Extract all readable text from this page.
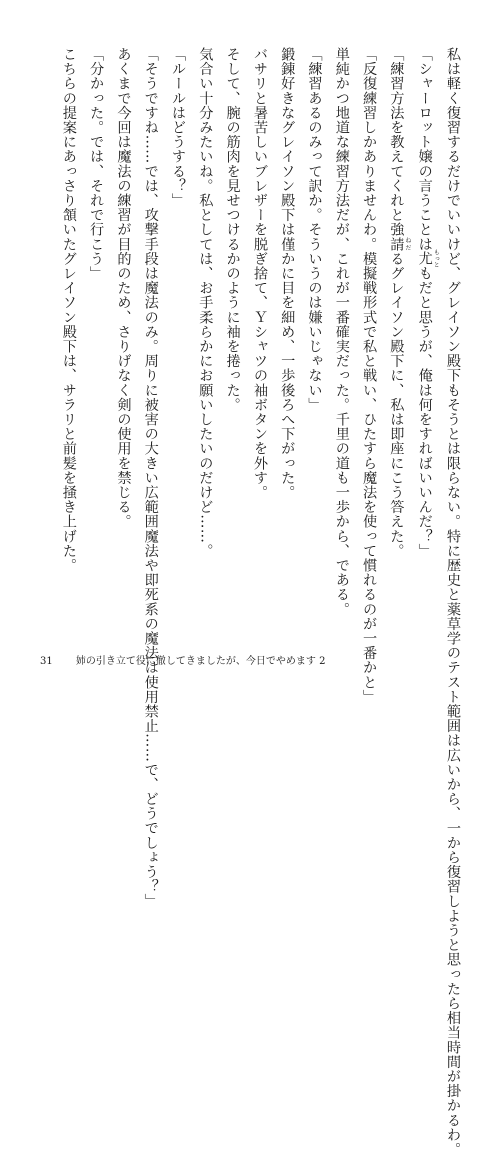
私は軽く復習するだけでいいけど、グレイソン殿下もそうとは限らない。特に歴史と薬草学のテスト範囲は広いから、一から復習しようと思ったら相当時間が掛かるわ。
「シャーロット嬢の言うことは尤 もっともだと思うが、俺は何をすればいいんだ？」
「練習方法を教えてくれと強請 ねだるグレイソン殿下に、私は即座にこう答えた。
「反復練習しかありませんわ。模擬戦形式で私と戦い、ひたすら魔法を使って慣れるのが一番かと」
単純かつ地道な練習方法だが、これが一番確実だった。千里の道も一歩から、である。
「練習あるのみって訳か。そういうのは嫌いじゃない」
鍛錬好きなグレイソン殿下は僅かに目を細め、一歩後ろへ下がった。
バサリと暑苦しいブレザーを脱ぎ捨て、Ｙシャツの袖ボタンを外す。
そして、腕の筋肉を見せつけるかのように袖を捲った。
気合い十分みたいね。私としては、お手柔らかにお願いしたいのだけど……。
「ルールはどうする？」
「そうですね……では、攻撃手段は魔法のみ。周りに被害の大きい広範囲魔法や即死系の魔法は使用禁止……で、どうでしょう？」
あくまで今回は魔法の練習が目的のため、さりげなく剣の使用を禁じる。
「分かった。では、それで行こう」
こちらの提案にあっさり頷いたグレイソン殿下は、サラリと前髪を掻き上げた。
31 姉の引き立て役に徹してきましたが、今日でやめます 2
